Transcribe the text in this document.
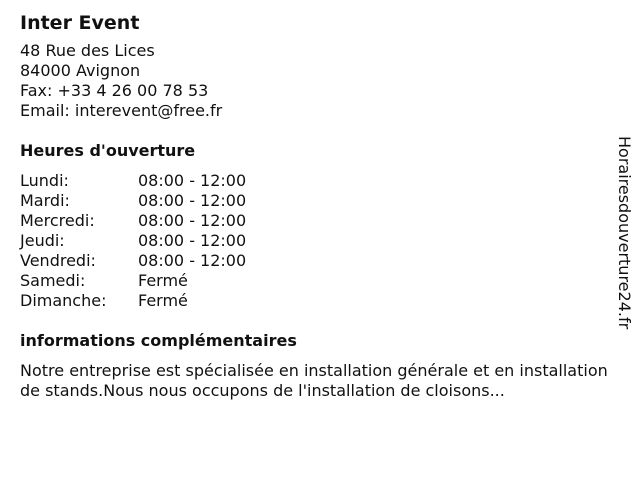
Inter Event
48 Rue des Lices
84000 Avignon
Fax: +33 4 26 00 78 53
Email: interevent@free.fr
Heures d'ouverture
Lundi:	08:00 - 12:00
Mardi:	08:00 - 12:00
Mercredi:	08:00 - 12:00
Jeudi:	08:00 - 12:00
Vendredi:	08:00 - 12:00
Samedi:	Fermé
Dimanche:	Fermé
informations complémentaires

Notre entreprise est spécialisée en installation générale et en installation de stands.Nous nous occupons de l'installation de cloisons...

Horairesdouverture24.fr
